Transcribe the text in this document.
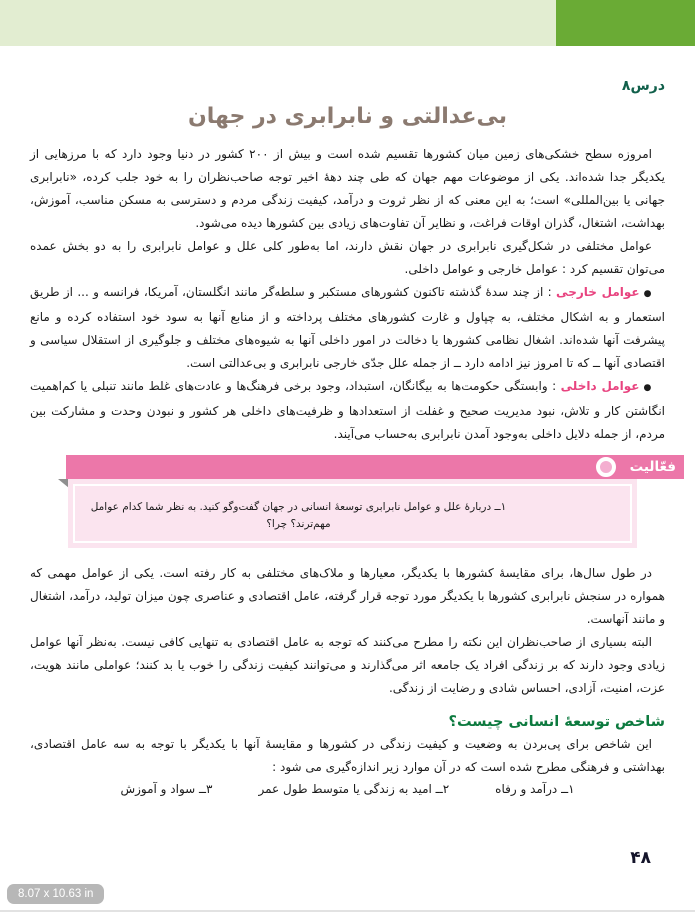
درس۸
بی‌عدالتی و نابرابری در جهان

امروزه سطح خشکی‌های زمین میان کشورها تقسیم شده است و بیش از ۲۰۰ کشور در دنیا وجود دارد که با مرزهایی از یکدیگر جدا شده‌اند. یکی از موضوعات مهم جهان که طی چند دهۀ اخیر توجه صاحب‌نظران را به خود جلب کرده، «نابرابری جهانی یا بین‌المللی» است؛ به این معنی که از نظر ثروت و درآمد، کیفیت زندگی مردم و دسترسی به مسکن مناسب، آموزش، بهداشت، اشتغال، گذران اوقات فراغت، و نظایر آن تفاوت‌های زیادی بین کشورها دیده می‌شود.

عوامل مختلفی در شکل‌گیری نابرابری در جهان نقش دارند، اما به‌طور کلی علل و عوامل نابرابری را به دو بخش عمده می‌توان تقسیم کرد : عوامل خارجی و عوامل داخلی.

●عوامل خارجی : از چند سدۀ گذشته تاکنون کشورهای مستکبر و سلطه‌گر مانند انگلستان، آمریکا، فرانسه و ... از طریق استعمار و به اشکال مختلف، به چپاول و غارت کشورهای مختلف پرداخته و از منابع آنها به سود خود استفاده کرده و مانع پیشرفت آنها شده‌اند. اشغال نظامی کشورها یا دخالت در امور داخلی آنها به شیوه‌های مختلف و جلوگیری از استقلال سیاسی و اقتصادی آنها ــ که تا امروز نیز ادامه دارد ــ از جمله علل جدّی خارجی نابرابری و بی‌عدالتی است.

●عوامل داخلی : وابستگی حکومت‌ها به بیگانگان، استبداد، وجود برخی فرهنگ‌ها و عادت‌های غلط مانند تنبلی یا کم‌اهمیت انگاشتن کار و تلاش، نبود مدیریت صحیح و غفلت از استعدادها و ظرفیت‌های داخلی هر کشور و نبودن وحدت و مشارکت بین مردم، از جمله دلایل داخلی به‌وجود آمدن نابرابری به‌حساب می‌آیند.

فعّالیت

۱ــ دربارۀ علل و عوامل نابرابری توسعۀ انسانی در جهان گفت‌وگو کنید. به نظر شما کدام عوامل مهم‌ترند؟ چرا؟

در طول سال‌ها، برای مقایسۀ کشورها با یکدیگر، معیارها و ملاک‌های مختلفی به کار رفته است. یکی از عوامل مهمی که همواره در سنجش نابرابری کشورها با یکدیگر مورد توجه قرار گرفته، عامل اقتصادی و عناصری چون میزان تولید، درآمد، اشتغال و مانند آنهاست.

البته بسیاری از صاحب‌نظران این نکته را مطرح می‌کنند که توجه به عامل اقتصادی به تنهایی کافی نیست. به‌نظر آنها عوامل زیادی وجود دارند که بر زندگی افراد یک جامعه اثر می‌گذارند و می‌توانند کیفیت زندگی را خوب یا بد کنند؛ عواملی مانند هویت، عزت، امنیت، آزادی، احساس شادی و رضایت از زندگی.

شاخص توسعۀ انسانی چیست؟

این شاخص برای پی‌بردن به وضعیت و کیفیت زندگی در کشورها و مقایسۀ آنها با یکدیگر با توجه به سه عامل اقتصادی، بهداشتی و فرهنگی مطرح شده است که در آن موارد زیر اندازه‌گیری می شود :

۱ــ درآمد و رفاه
۲ــ امید به زندگی یا متوسط طول عمر
۳ــ سواد و آموزش
۴۸
8.07 x 10.63 in
